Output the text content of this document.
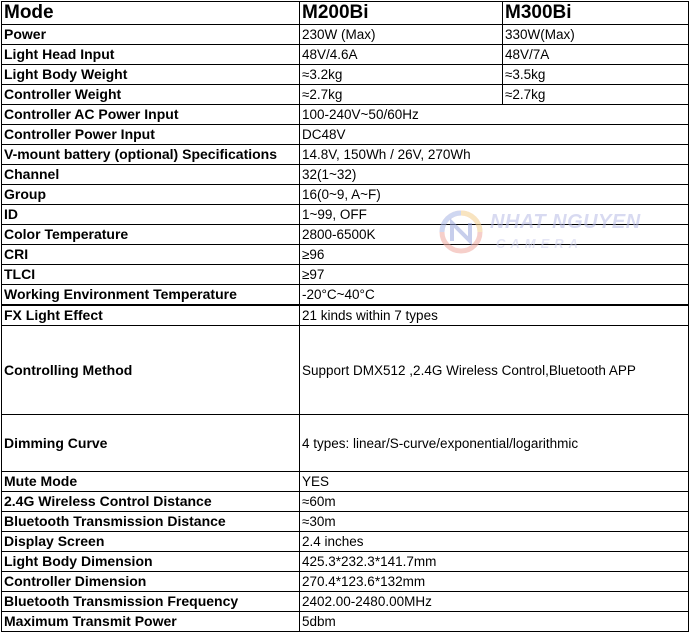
Mode	M200Bi	M300Bi
Power	230W (Max)	330W(Max)
Light Head Input	48V/4.6A	48V/7A
Light Body Weight	≈3.2kg	≈3.5kg
Controller Weight	≈2.7kg	≈2.7kg
Controller AC Power Input	100-240V~50/60Hz	
Controller Power Input	DC48V	
V-mount battery (optional) Specifications	14.8V, 150Wh / 26V, 270Wh	
Channel	32(1~32)	
Group	16(0~9, A~F)	
ID	1~99, OFF	
Color Temperature	2800-6500K	
CRI	≥96	
TLCI	≥97	
Working Environment Temperature	-20°C~40°C	
FX Light Effect	21 kinds within 7 types	
Controlling Method	Support DMX512 ,2.4G Wireless Control,Bluetooth APP	
Dimming Curve	4 types: linear/S-curve/exponential/logarithmic	
Mute Mode	YES	
2.4G Wireless Control Distance	≈60m	
Bluetooth Transmission Distance	≈30m	
Display Screen	2.4 inches	
Light Body Dimension	425.3*232.3*141.7mm	
Controller Dimension	270.4*123.6*132mm	
Bluetooth Transmission Frequency	2402.00-2480.00MHz	
Maximum Transmit Power	5dbm	
NHAT NGUYEN
CAMERA
